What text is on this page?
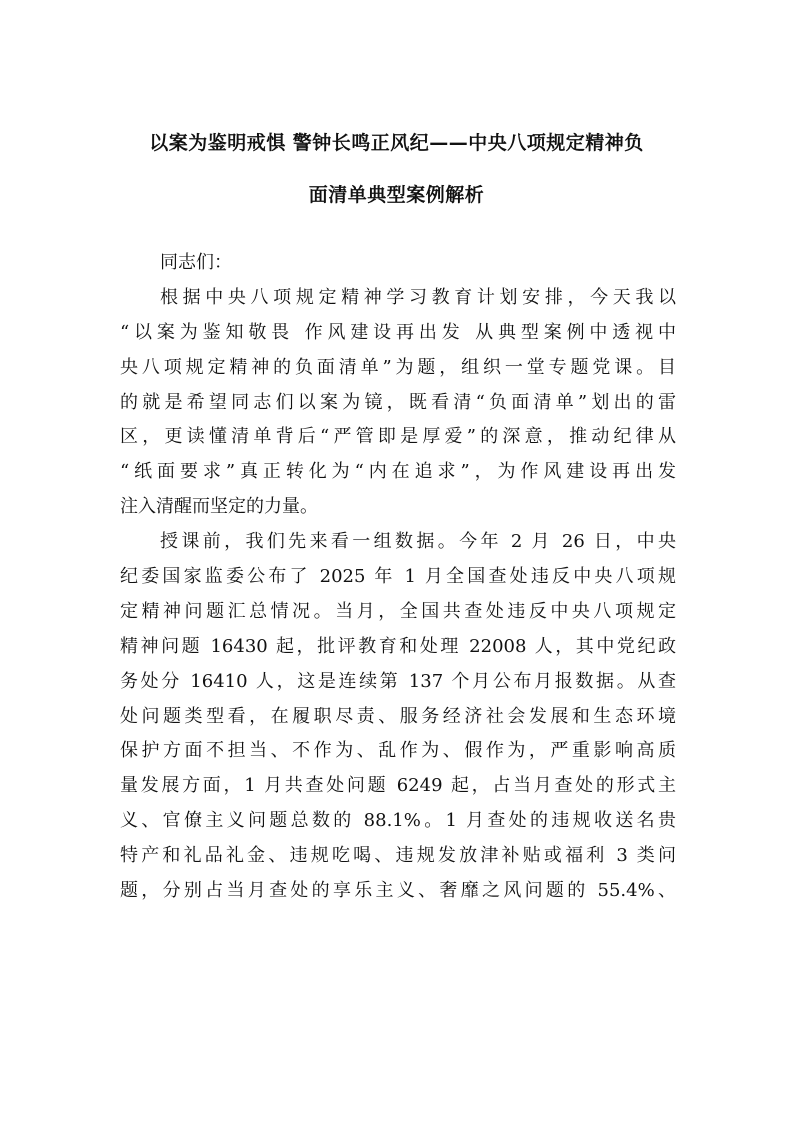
以案为鉴明戒惧 警钟长鸣正风纪——中央八项规定精神负
面清单典型案例解析
同志们：
根据中央八项规定精神学习教育计划安排，今天我以
“以案为鉴知敬畏 作风建设再出发 从典型案例中透视中
央八项规定精神的负面清单”为题，组织一堂专题党课。目
的就是希望同志们以案为镜，既看清“负面清单”划出的雷
区，更读懂清单背后“严管即是厚爱”的深意，推动纪律从
“纸面要求”真正转化为“内在追求”，为作风建设再出发
注入清醒而坚定的力量。
授课前，我们先来看一组数据。今年 2 月 26 日，中央
纪委国家监委公布了 2025 年 1 月全国查处违反中央八项规
定精神问题汇总情况。当月，全国共查处违反中央八项规定
精神问题 16430 起，批评教育和处理 22008 人，其中党纪政
务处分 16410 人，这是连续第 137 个月公布月报数据。从查
处问题类型看，在履职尽责、服务经济社会发展和生态环境
保护方面不担当、不作为、乱作为、假作为，严重影响高质
量发展方面，1 月共查处问题 6249 起，占当月查处的形式主
义、官僚主义问题总数的 88.1%。1 月查处的违规收送名贵
特产和礼品礼金、违规吃喝、违规发放津补贴或福利 3 类问
题，分别占当月查处的享乐主义、奢靡之风问题的 55.4%、
